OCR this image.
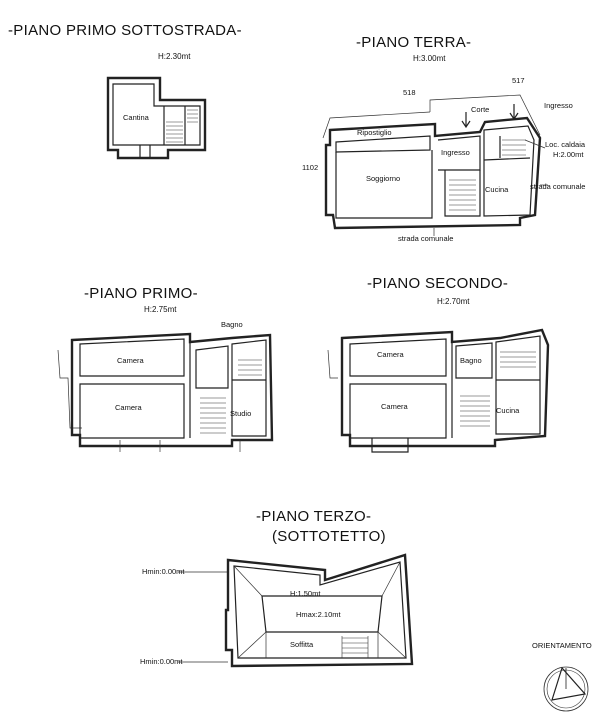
-PIANO PRIMO SOTTOSTRADA-
H:2.30mt
-PIANO TERRA-
H:3.00mt
-PIANO PRIMO-
H:2.75mt
-PIANO SECONDO-
H:2.70mt
-PIANO TERZO-
(SOTTOTETTO)
Cantina
518
517
1102
Ripostiglio
Corte	Ingresso
Ingresso
Soggiorno
Cucina
Loc. caldaia
H:2.00mt
strada comunale
strada comunale
Bagno
Camera
Camera
Studio
Camera
Bagno
Camera	Cucina
Hmin:0.00mt
H:1.50mt
Hmax:2.10mt
Soffitta
Hmin:0.00mt
ORIENTAMENTO
